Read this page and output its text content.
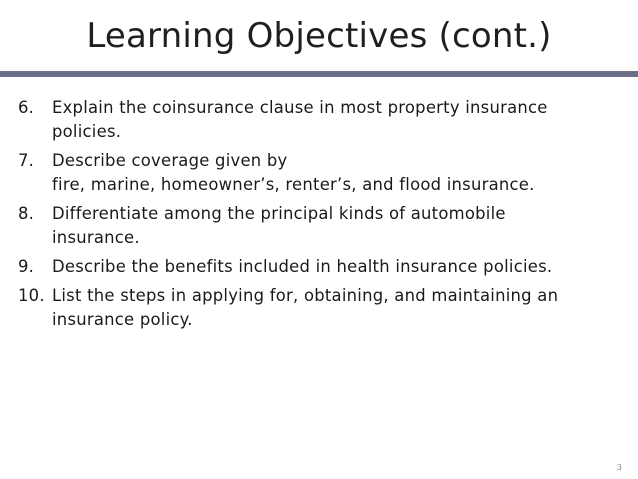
Learning Objectives (cont.)
6.	Explain the coinsurance clause in most property insurance
policies.
7.	Describe coverage given by
fire, marine, homeowner’s, renter’s, and flood insurance.
8.	Differentiate among the principal kinds of automobile
insurance.
9.	Describe the benefits included in health insurance policies.
10. List the steps in applying for, obtaining, and maintaining an
insurance policy.
3
